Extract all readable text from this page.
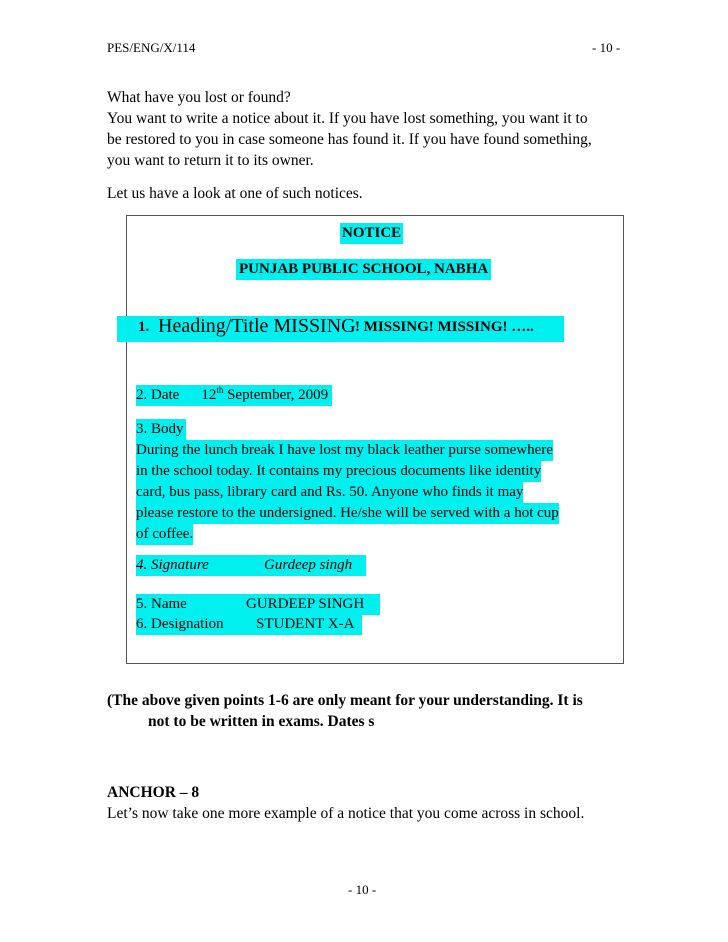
PES/ENG/X/114	- 10 -
What have you lost or found?
You want to write a notice about it. If you have lost something, you want it to
be restored to you in case someone has found it. If you have found something,
you want to return it to its owner.
Let us have a look at one of such notices.
NOTICE
PUNJAB PUBLIC SCHOOL, NABHA
1. Heading/Title MISSING ! MISSING! MISSING! …..
2. Date 12th September, 2009
3. Body
During the lunch break I have lost my black leather purse somewhere
in the school today. It contains my precious documents like identity
card, bus pass, library card and Rs. 50. Anyone who finds it may
please restore to the undersigned. He/she will be served with a hot cup
of coffee.
4. Signature	Gurdeep singh
5. Name	GURDEEP SINGH
6. Designation STUDENT X-A
(The above given points 1-6 are only meant for your understanding. It is
not to be written in exams. Dates s
ANCHOR – 8
Let’s now take one more example of a notice that you come across in school.
- 10 -
